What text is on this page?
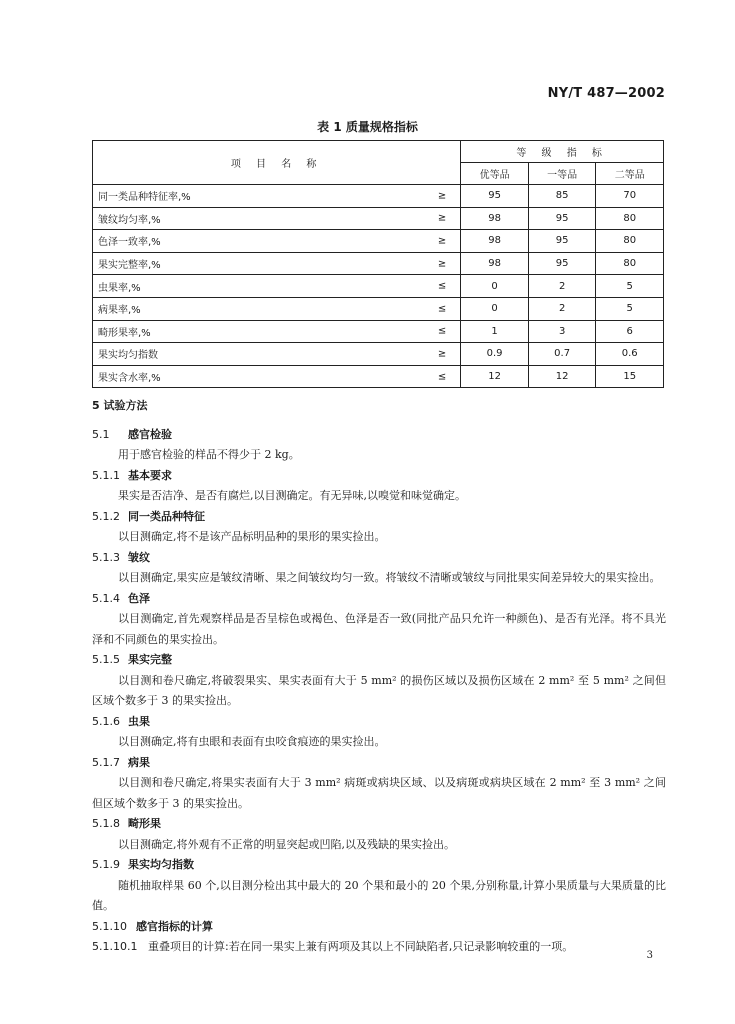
NY/T 487—2002
表 1 质量规格指标
项 目 名 称	等 级 指 标		
	优等品	一等品	二等品
同一类品种特征率,% ≥	95	85	70
皱纹均匀率,% ≥	98	95	80
色泽一致率,% ≥	98	95	80
果实完整率,% ≥	98	95	80
虫果率,% ≤	0	2	5
病果率,% ≤	0	2	5
畸形果率,% ≤	1	3	6
果实均匀指数 ≥	0.9	0.7	0.6
果实含水率,% ≤	12	12	15

5 试验方法

5.1 感官检验

用于感官检验的样品不得少于 2 kg。

5.1.1 基本要求

果实是否洁净、是否有腐烂,以目测确定。有无异味,以嗅觉和味觉确定。

5.1.2 同一类品种特征

以目测确定,将不是该产品标明品种的果形的果实捡出。

5.1.3 皱纹

以目测确定,果实应是皱纹清晰、果之间皱纹均匀一致。将皱纹不清晰或皱纹与同批果实间差异较大的果实捡出。

5.1.4 色泽

以目测确定,首先观察样品是否呈棕色或褐色、色泽是否一致(同批产品只允许一种颜色)、是否有光泽。将不具光泽和不同颜色的果实捡出。

5.1.5 果实完整

以目测和卷尺确定,将破裂果实、果实表面有大于 5 mm² 的损伤区域以及损伤区域在 2 mm² 至 5 mm² 之间但区域个数多于 3 的果实捡出。

5.1.6 虫果

以目测确定,将有虫眼和表面有虫咬食痕迹的果实捡出。

5.1.7 病果

以目测和卷尺确定,将果实表面有大于 3 mm² 病斑或病块区域、以及病斑或病块区域在 2 mm² 至 3 mm² 之间但区域个数多于 3 的果实捡出。

5.1.8 畸形果

以目测确定,将外观有不正常的明显突起或凹陷,以及残缺的果实捡出。

5.1.9 果实均匀指数

随机抽取样果 60 个,以目测分检出其中最大的 20 个果和最小的 20 个果,分别称量,计算小果质量与大果质量的比值。

5.1.10 感官指标的计算

5.1.10.1 重叠项目的计算:若在同一果实上兼有两项及其以上不同缺陷者,只记录影响较重的一项。

3
